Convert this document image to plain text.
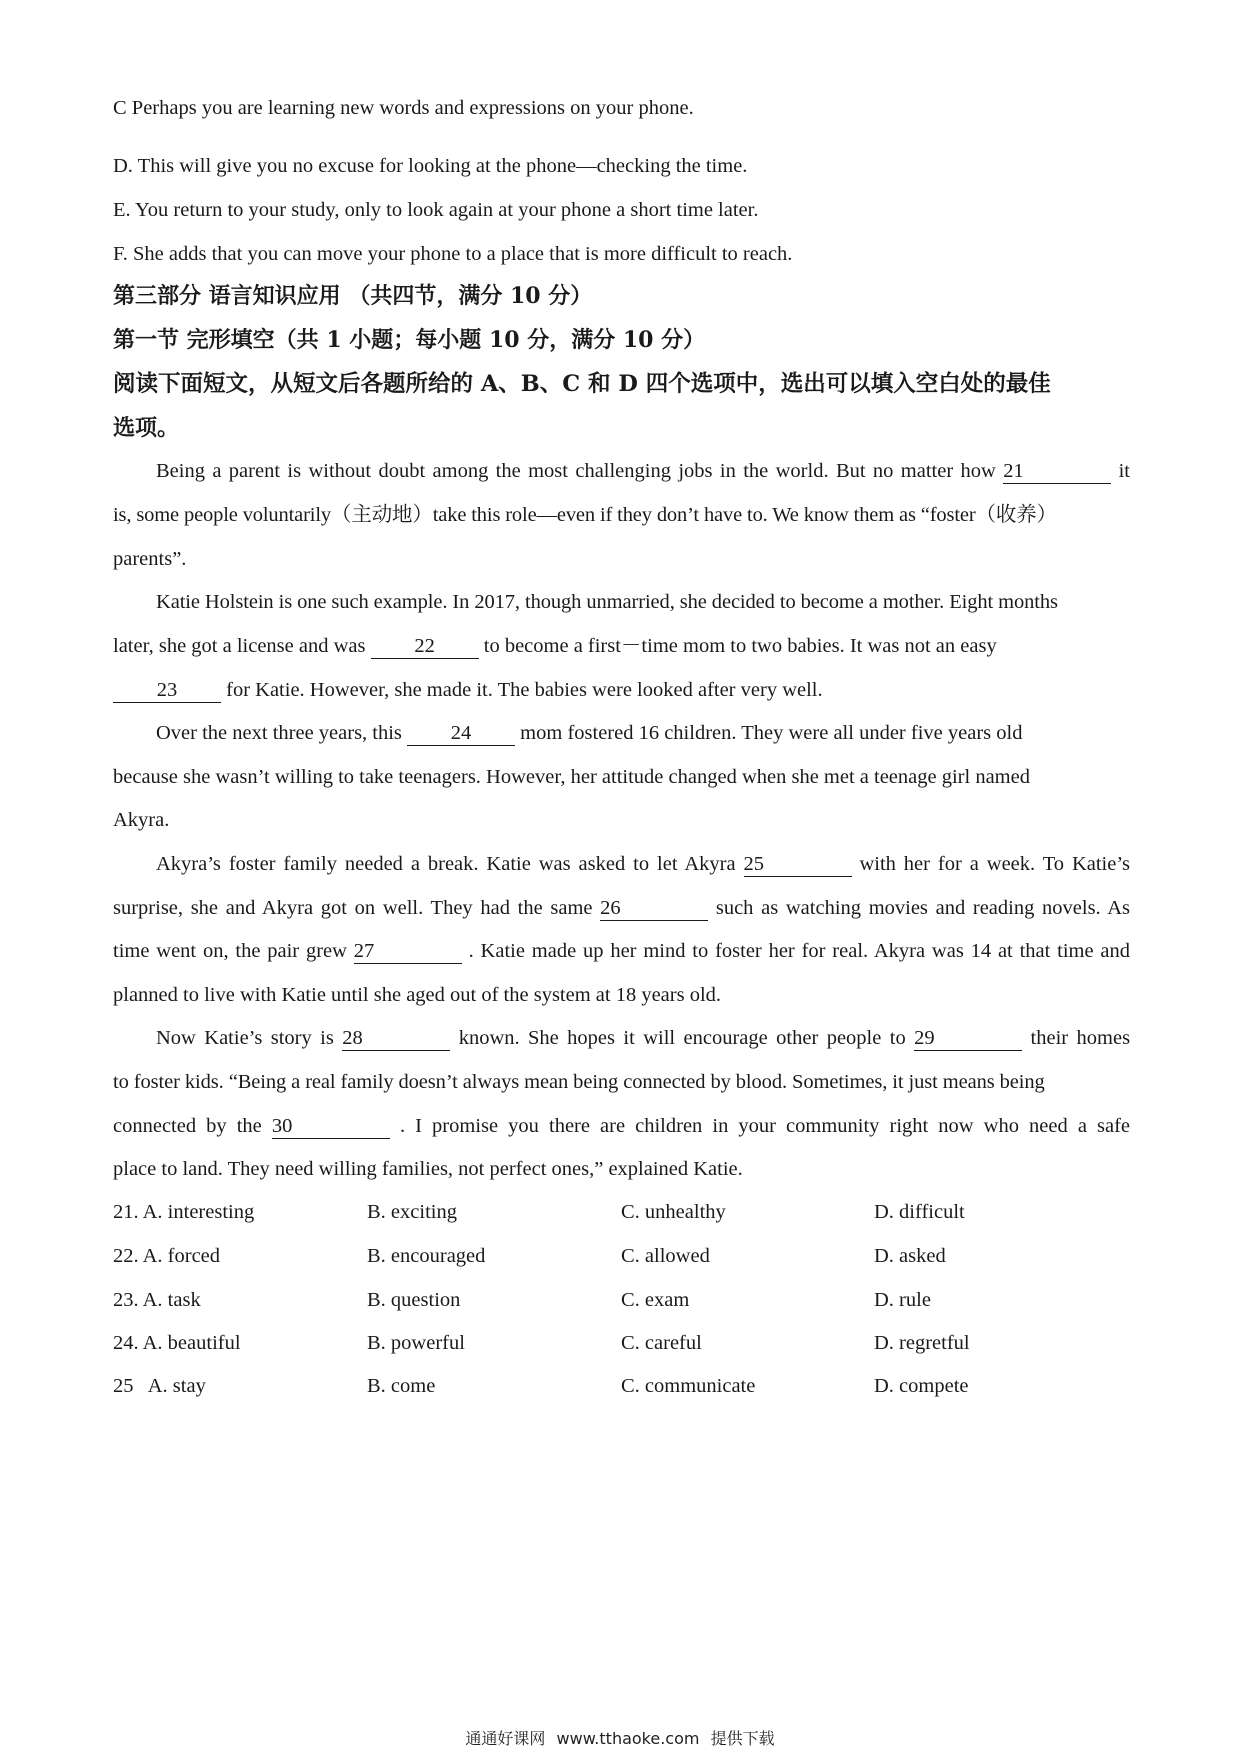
C Perhaps you are learning new words and expressions on your phone.
D. This will give you no excuse for looking at the phone—checking the time.
E. You return to your study, only to look again at your phone a short time later.
F. She adds that you can move your phone to a place that is more difficult to reach.
第三部分 语言知识应用 （共四节，满分 10 分）
第一节 完形填空（共 1 小题；每小题 10 分，满分 10 分）
阅读下面短文，从短文后各题所给的 A、B、C 和 D 四个选项中，选出可以填入空白处的最佳
选项。
Being a parent is without doubt among the most challenging jobs in the world. But no matter how 21	it
is, some people voluntarily（主动地）take this role—even if they don’t have to. We know them as “foster（收养）
parents”.
Katie Holstein is one such example. In 2017, though unmarried, she decided to become a mother. Eight months
later, she got a license and was 22 to become a first－time mom to two babies. It was not an easy
23 for Katie. However, she made it. The babies were looked after very well.
Over the next three years, this 24 mom fostered 16 children. They were all under five years old
because she wasn’t willing to take teenagers. However, her attitude changed when she met a teenage girl named
Akyra.
Akyra’s foster family needed a break. Katie was asked to let Akyra 25	with her for a week. To Katie’s
surprise, she and Akyra got on well. They had the same 26	such as watching movies and reading novels. As
time went on, the pair grew 27	. Katie made up her mind to foster her for real. Akyra was 14 at that time and
planned to live with Katie until she aged out of the system at 18 years old.
Now Katie’s story is 28	known. She hopes it will encourage other people to 29	their homes
to foster kids. “Being a real family doesn’t always mean being connected by blood. Sometimes, it just means being
connected by the 30	. I promise you there are children in your community right now who need a safe
place to land. They need willing families, not perfect ones,” explained Katie.
21. A. interesting	B. exciting	C. unhealthy	D. difficult
22. A. forced	B. encouraged	C. allowed	D. asked
23. A. task	B. question	C. exam	D. rule
24. A. beautiful	B. powerful	C. careful	D. regretful
25   A. stay	B. come	C. communicate	D. compete
通通好课网 www.tthaoke.com 提供下载
